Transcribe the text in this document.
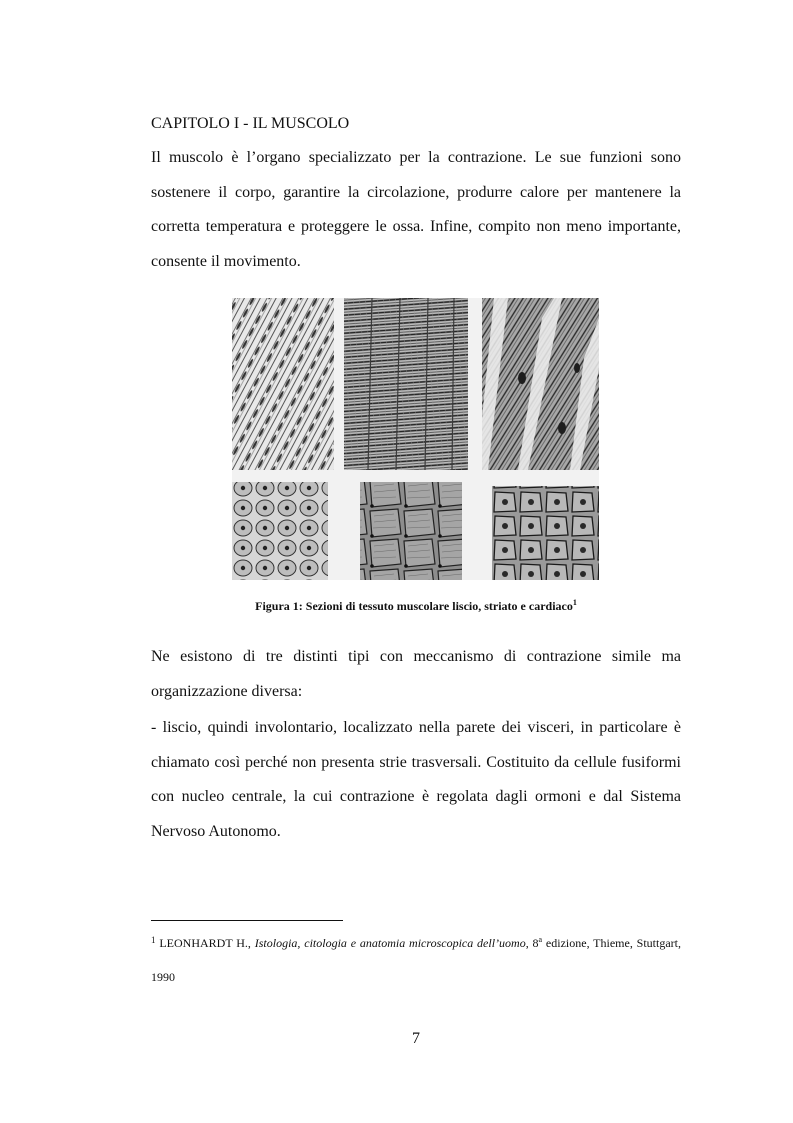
CAPITOLO I - IL MUSCOLO

Il muscolo è l’organo specializzato per la contrazione. Le sue funzioni sono sostenere il corpo, garantire la circolazione, produrre calore per mantenere la corretta temperatura e proteggere le ossa. Infine, compito non meno importante, consente il movimento.

Figura 1: Sezioni di tessuto muscolare liscio, striato e cardiaco$^1$

Ne esistono di tre distinti tipi con meccanismo di contrazione simile ma organizzazione diversa:

- liscio, quindi involontario, localizzato nella parete dei visceri, in particolare è chiamato così perché non presenta strie trasversali. Costituito da cellule fusiformi con nucleo centrale, la cui contrazione è regolata dagli ormoni e dal Sistema Nervoso Autonomo.

$^1$ LEONHARDT H., Istologia, citologia e anatomia microscopica dell’uomo, 8$^a$ edizione, Thieme, Stuttgart, 1990
7
